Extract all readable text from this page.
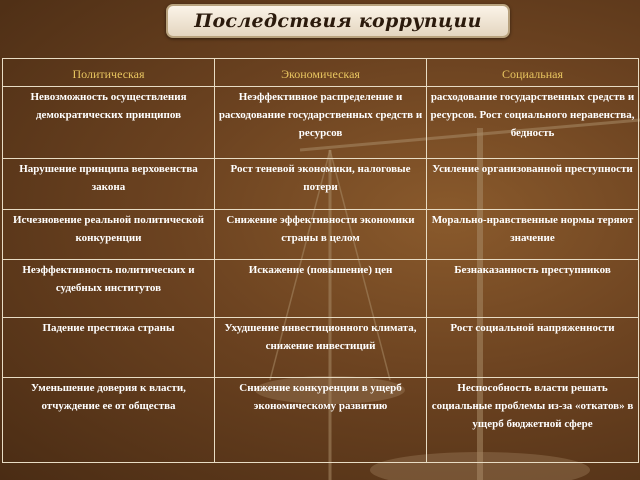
Последствия коррупции
Политическая	Экономическая	Социальная
Невозможность осуществления демократических принципов	Неэффективное распределение и расходование государственных средств и ресурсов	расходование государственных средств и ресурсов. Рост социального неравенства, бедность
Нарушение принципа верховенства закона	Рост теневой экономики, налоговые потери	Усиление организованной преступности
Исчезновение реальной политической конкуренции	Снижение эффективности экономики страны в целом	Морально-нравственные нормы теряют значение
Неэффективность политических и судебных институтов	Искажение (повышение) цен	Безнаказанность преступников
Падение престижа страны	Ухудшение инвестиционного климата, снижение инвестиций	Рост социальной напряженности
Уменьшение доверия к власти, отчуждение ее от общества	Снижение конкуренции в ущерб экономическому развитию	Неспособность власти решать социальные проблемы из-за «откатов» в ущерб бюджетной сфере
